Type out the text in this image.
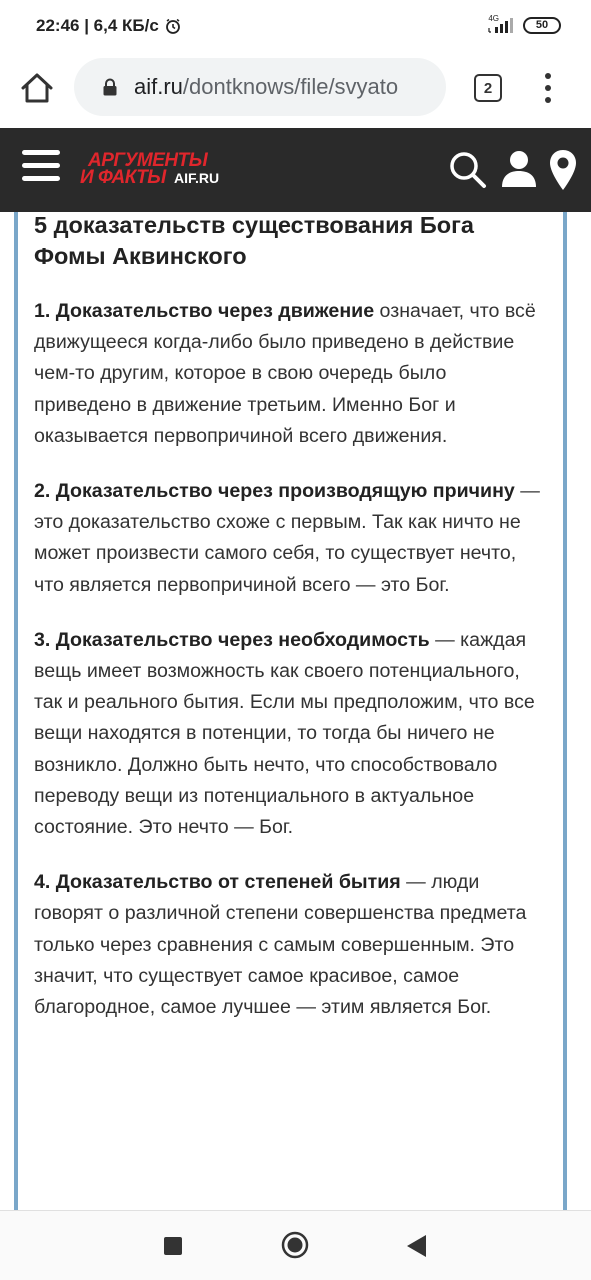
22:46 | 6,4 КБ/с	4G
50
aif.ru/dontknows/file/svyato	2
АРГУМЕНТЫ
И ФАКТЫ AIF.RU
5 доказательств существования Бога Фомы Аквинского

1. Доказательство через движение означает, что всё движущееся когда-либо было приведено в действие чем-то другим, которое в свою очередь было приведено в движение третьим. Именно Бог и оказывается первопричиной всего движения.

2. Доказательство через производящую причину — это доказательство схоже с первым. Так как ничто не может произвести самого себя, то существует нечто, что является первопричиной всего — это Бог.

3. Доказательство через необходимость — каждая вещь имеет возможность как своего потенциального, так и реального бытия. Если мы предположим, что все вещи находятся в потенции, то тогда бы ничего не возникло. Должно быть нечто, что способствовало переводу вещи из потенциального в актуальное состояние. Это нечто — Бог.

4. Доказательство от степеней бытия — люди говорят о различной степени совершенства предмета только через сравнения с самым совершенным. Это значит, что существует самое красивое, самое благородное, самое лучшее — этим является Бог.
